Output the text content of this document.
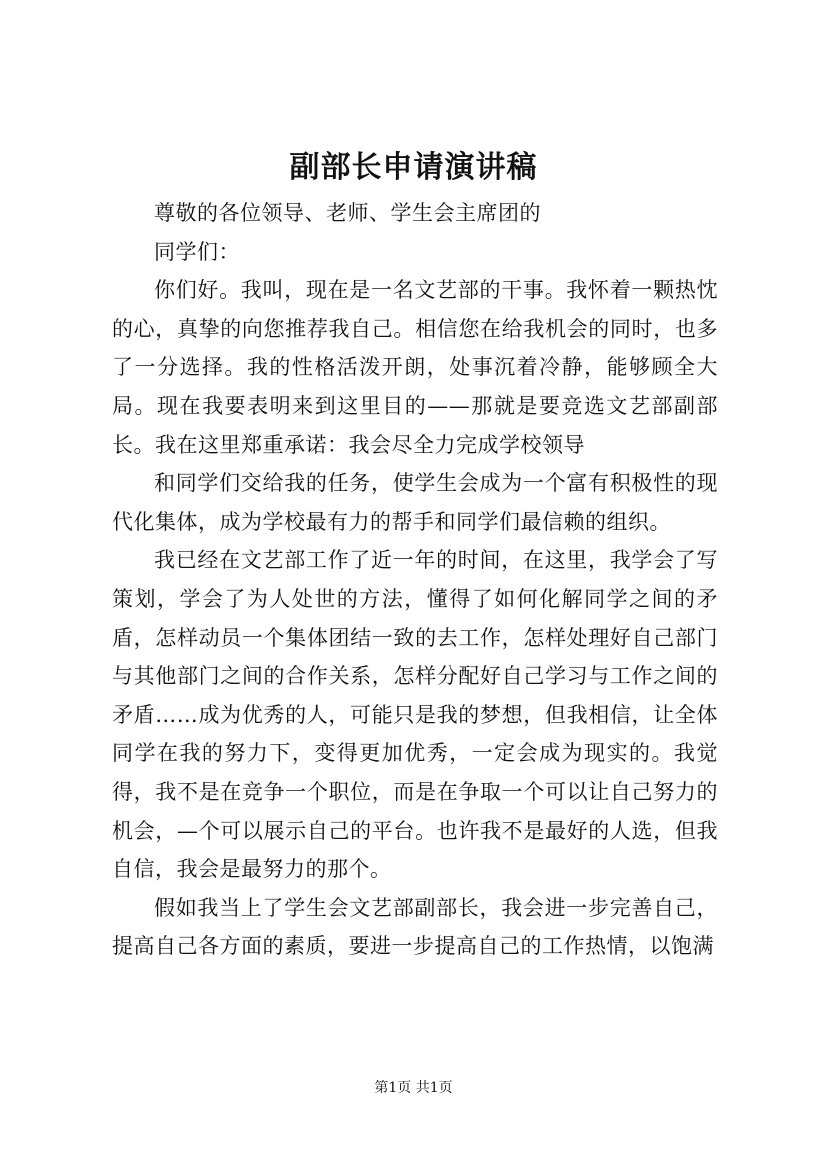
副部长申请演讲稿

尊敬的各位领导、老师、学生会主席团的

同学们：

你们好。我叫，现在是一名文艺部的干事。我怀着一颗热忱的心，真挚的向您推荐我自己。相信您在给我机会的同时，也多了一分选择。我的性格活泼开朗，处事沉着冷静，能够顾全大局。现在我要表明来到这里目的——那就是要竞选文艺部副部长。我在这里郑重承诺：我会尽全力完成学校领导

和同学们交给我的任务，使学生会成为一个富有积极性的现代化集体，成为学校最有力的帮手和同学们最信赖的组织。

我已经在文艺部工作了近一年的时间，在这里，我学会了写策划，学会了为人处世的方法，懂得了如何化解同学之间的矛盾，怎样动员一个集体团结一致的去工作，怎样处理好自己部门与其他部门之间的合作关系，怎样分配好自己学习与工作之间的矛盾……成为优秀的人，可能只是我的梦想，但我相信，让全体同学在我的努力下，变得更加优秀，一定会成为现实的。我觉得，我不是在竞争一个职位，而是在争取一个可以让自己努力的机会，—个可以展示自己的平台。也许我不是最好的人选，但我自信，我会是最努力的那个。

假如我当上了学生会文艺部副部长，我会进一步完善自己，提高自己各方面的素质，要进一步提高自己的工作热情，以饱满

第1页 共1页
